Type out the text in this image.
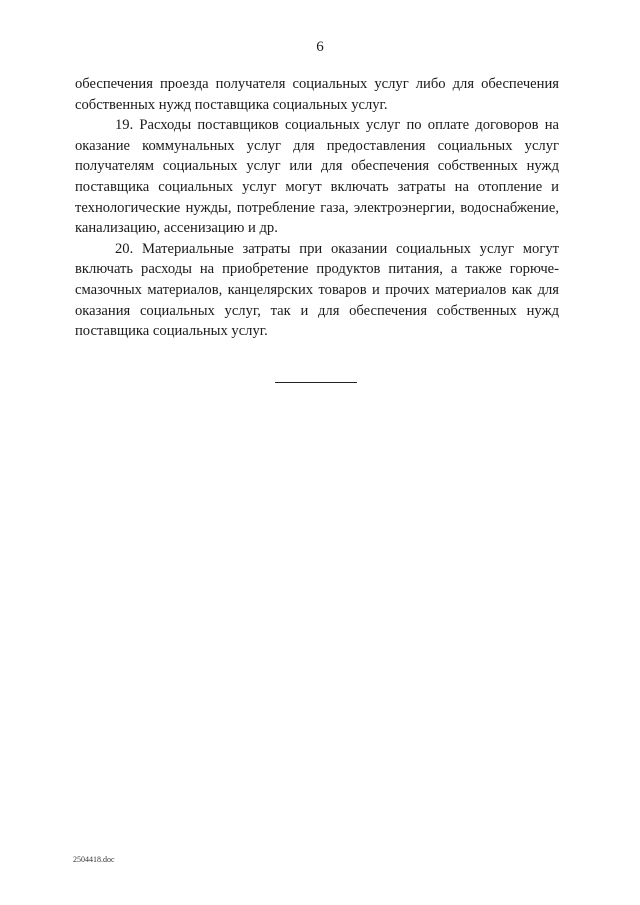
6

обеспечения проезда получателя социальных услуг либо для обеспечения собственных нужд поставщика социальных услуг.

19. Расходы поставщиков социальных услуг по оплате договоров на оказание коммунальных услуг для предоставления социальных услуг получателям социальных услуг или для обеспечения собственных нужд поставщика социальных услуг могут включать затраты на отопление и технологические нужды, потребление газа, электроэнергии, водоснабжение, канализацию, ассенизацию и др.

20. Материальные затраты при оказании социальных услуг могут включать расходы на приобретение продуктов питания, а также горюче-смазочных материалов, канцелярских товаров и прочих материалов как для оказания социальных услуг, так и для обеспечения собственных нужд поставщика социальных услуг.

2504418.doc
